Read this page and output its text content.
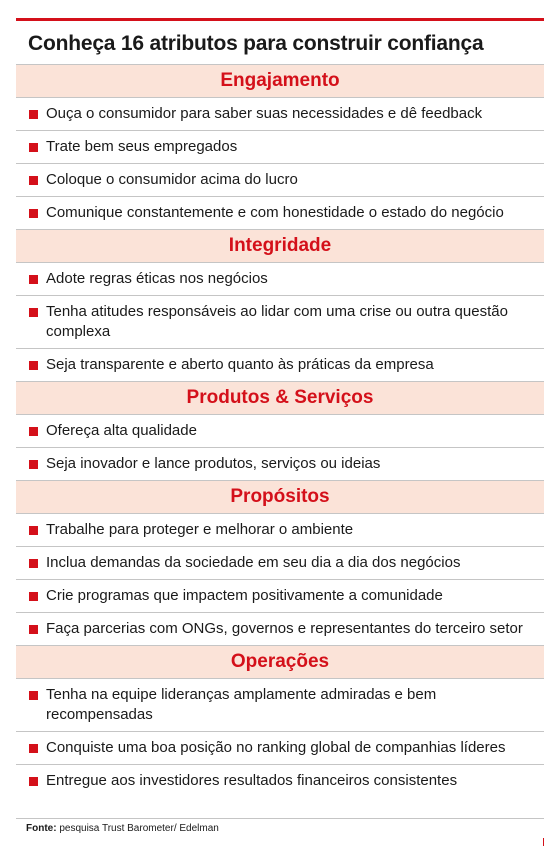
Conheça 16 atributos para construir confiança
Engajamento
Ouça o consumidor para saber suas necessidades e dê feedback
Trate bem seus empregados
Coloque o consumidor acima do lucro
Comunique constantemente e com honestidade o estado do negócio
Integridade
Adote regras éticas nos negócios
Tenha atitudes responsáveis ao lidar com uma crise ou outra questão complexa
Seja transparente e aberto quanto às práticas da empresa
Produtos & Serviços
Ofereça alta qualidade
Seja inovador e lance produtos, serviços ou ideias
Propósitos
Trabalhe para proteger e melhorar o ambiente
Inclua demandas da sociedade em seu dia a dia dos negócios
Crie programas que impactem positivamente a comunidade
Faça parcerias com ONGs, governos e representantes do terceiro setor
Operações
Tenha na equipe lideranças amplamente admiradas e bem recompensadas
Conquiste uma boa posição no ranking global de companhias líderes
Entregue aos investidores resultados financeiros consistentes
Fonte: pesquisa Trust Barometer/ Edelman
